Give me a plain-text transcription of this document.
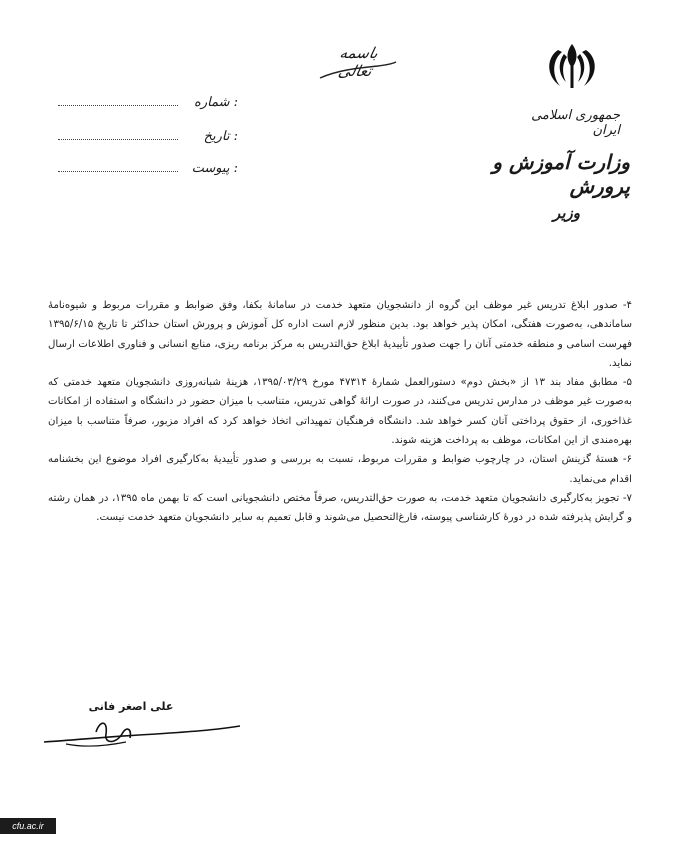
باسمه تعالی
جمهوری اسلامی ایران
وزارت آموزش و پرورش
وزیر
شماره :
تاریخ :
پیوست :

۴- صدور ابلاغ تدریس غیر موظف این گروه از دانشجویان متعهد خدمت در سامانهٔ بکفا، وفق ضوابط و مقررات مربوط و شیوه‌نامهٔ ساماندهی، به‌صورت هفتگی، امکان پذیر خواهد بود. بدین منظور لازم است اداره کل آموزش و پرورش استان حداکثر تا تاریخ ۱۳۹۵/۶/۱۵ فهرست اسامی و منطقه خدمتی آنان را جهت صدور تأییدیهٔ ابلاغ حق‌التدریس به مرکز برنامه ریزی، منابع انسانی و فناوری اطلاعات ارسال نماید.

۵- مطابق مفاد بند ۱۳ از «بخش دوم» دستورالعمل شمارهٔ ۴۷۳۱۴ مورخ ۱۳۹۵/۰۳/۲۹، هزینهٔ شبانه‌روزی دانشجویان متعهد خدمتی که به‌صورت غیر موظف در مدارس تدریس می‌کنند، در صورت ارائهٔ گواهی تدریس، متناسب با میزان حضور در دانشگاه و استفاده از امکانات غذاخوری، از حقوق پرداختی آنان کسر خواهد شد. دانشگاه فرهنگیان تمهیداتی اتخاذ خواهد کرد که افراد مزبور، صرفاً متناسب با میزان بهره‌مندی از این امکانات، موظف به پرداخت هزینه شوند.

۶- هستهٔ گزینش استان، در چارچوب ضوابط و مقررات مربوط، نسبت به بررسی و صدور تأییدیهٔ به‌کارگیری افراد موضوع این بخشنامه اقدام می‌نماید.

۷- تجویز به‌کارگیری دانشجویان متعهد خدمت، به صورت حق‌التدریس، صرفاً مختص دانشجویانی است که تا بهمن ماه ۱۳۹۵، در همان رشته و گرایش پذیرفته شده در دورهٔ کارشناسی پیوسته، فارغ‌التحصیل می‌شوند و قابل تعمیم به سایر دانشجویان متعهد خدمت نیست.

علی اصغر فانی
cfu.ac.ir
